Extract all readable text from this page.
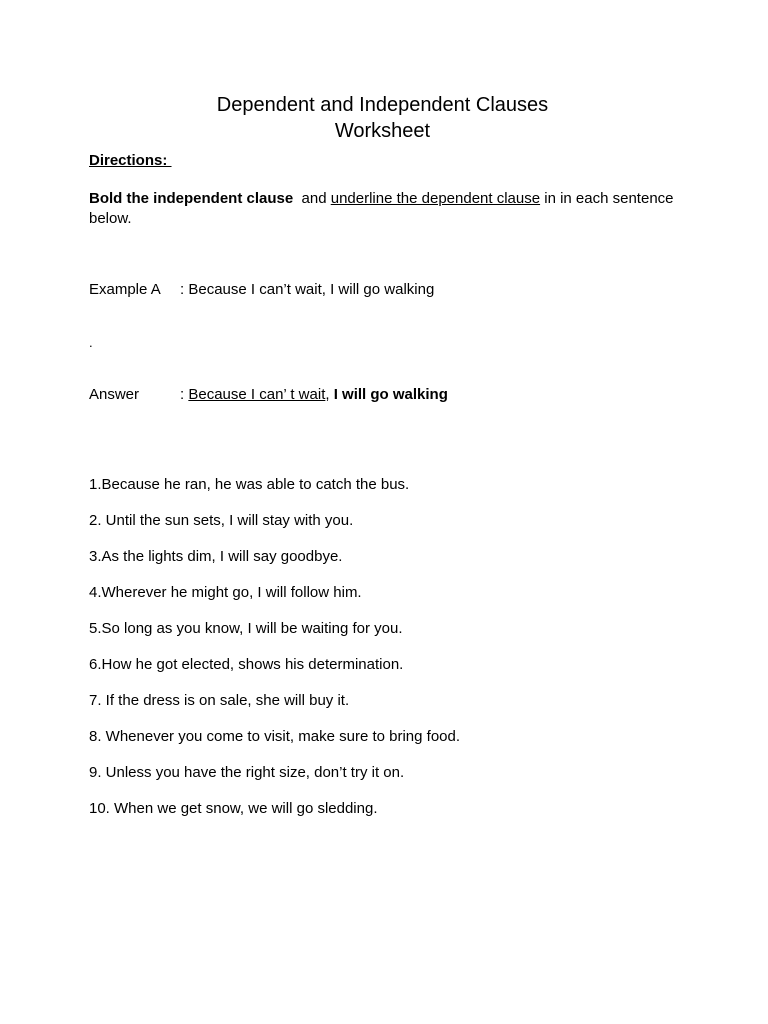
Dependent and Independent Clauses
Worksheet
Directions:

Bold the independent clause  and underline the dependent clause in in each sentence below.

Example A : Because I can’t wait, I will go walking

.

Answer	: Because I can’ t wait, I will go walking

1.Because he ran, he was able to catch the bus.

2. Until the sun sets, I will stay with you.

3.As the lights dim, I will say goodbye.

4.Wherever he might go, I will follow him.

5.So long as you know, I will be waiting for you.

6.How he got elected, shows his determination.

7. If the dress is on sale, she will buy it.

8. Whenever you come to visit, make sure to bring food.

9. Unless you have the right size, don’t try it on.

10. When we get snow, we will go sledding.
